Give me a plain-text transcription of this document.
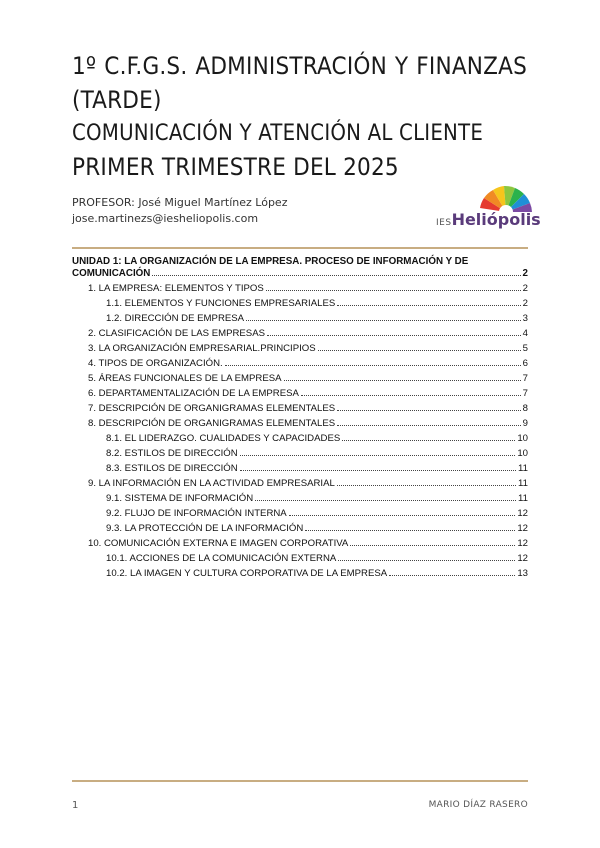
1º C.F.G.S. ADMINISTRACIÓN Y FINANZAS
(TARDE)
COMUNICACIÓN Y ATENCIÓN AL CLIENTE
PRIMER TRIMESTRE DEL 2025
PROFESOR: José Miguel Martínez López
jose.martinezs@iesheliopolis.com	IESHeliópolis
UNIDAD 1: LA ORGANIZACIÓN DE LA EMPRESA. PROCESO DE INFORMACIÓN Y DE
COMUNICACIÓN	2
1. LA EMPRESA: ELEMENTOS Y TIPOS	2
1.1. ELEMENTOS Y FUNCIONES EMPRESARIALES	2
1.2. DIRECCIÓN DE EMPRESA	3
2. CLASIFICACIÓN DE LAS EMPRESAS	4
3. LA ORGANIZACIÓN EMPRESARIAL.PRINCIPIOS	5
4. TIPOS DE ORGANIZACIÓN.	6
5. ÁREAS FUNCIONALES DE LA EMPRESA	7
6. DEPARTAMENTALIZACIÓN DE LA EMPRESA	7
7. DESCRIPCIÓN DE ORGANIGRAMAS ELEMENTALES	8
8. DESCRIPCIÓN DE ORGANIGRAMAS ELEMENTALES	9
8.1. EL LIDERAZGO. CUALIDADES Y CAPACIDADES	10
8.2. ESTILOS DE DIRECCIÓN	10
8.3. ESTILOS DE DIRECCIÓN	11
9. LA INFORMACIÓN EN LA ACTIVIDAD EMPRESARIAL	11
9.1. SISTEMA DE INFORMACIÓN	11
9.2. FLUJO DE INFORMACIÓN INTERNA	12
9.3. LA PROTECCIÓN DE LA INFORMACIÓN	12
10. COMUNICACIÓN EXTERNA E IMAGEN CORPORATIVA	12
10.1. ACCIONES DE LA COMUNICACIÓN EXTERNA	12
10.2. LA IMAGEN Y CULTURA CORPORATIVA DE LA EMPRESA	13
1	MARIO DÍAZ RASERO
